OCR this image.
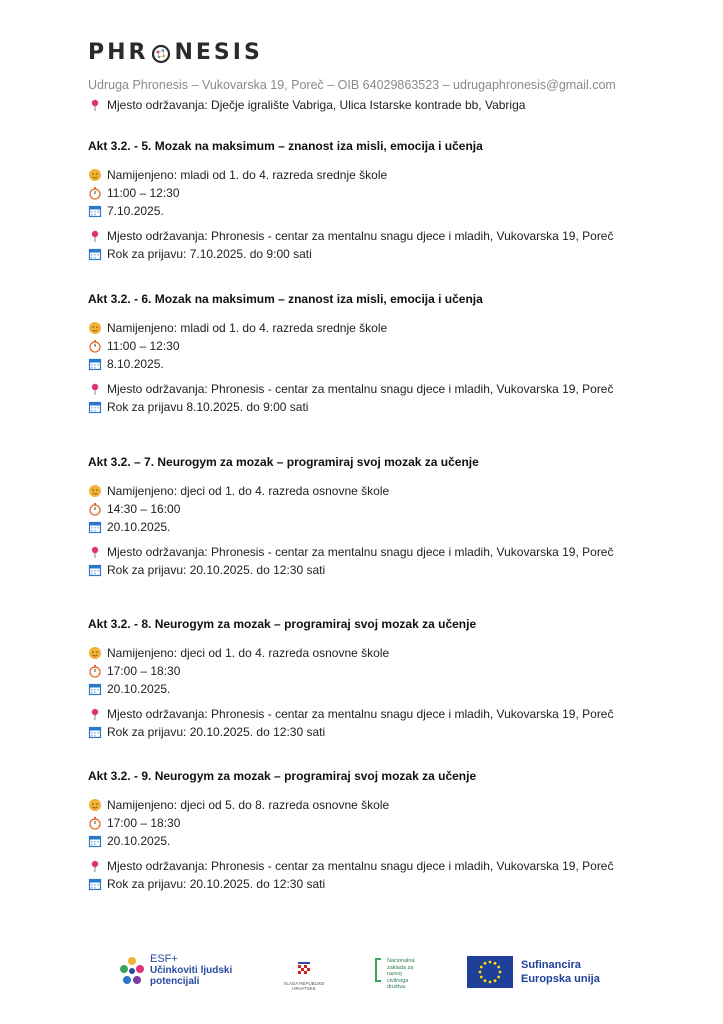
PHR NESIS
Udruga Phronesis – Vukovarska 19, Poreč – OIB 64029863523 – udrugaphronesis@gmail.com
Mjesto održavanja: Dječje igralište Vabriga, Ulica Istarske kontrade bb, Vabriga
Akt 3.2. - 5. Mozak na maksimum – znanost iza misli, emocija i učenja
Namijenjeno: mladi od 1. do 4. razreda srednje škole
11:00 – 12:30
7.10.2025.
Mjesto održavanja: Phronesis - centar za mentalnu snagu djece i mladih, Vukovarska 19, Poreč
Rok za prijavu: 7.10.2025. do 9:00 sati
Akt 3.2. - 6. Mozak na maksimum – znanost iza misli, emocija i učenja
Namijenjeno: mladi od 1. do 4. razreda srednje škole
11:00 – 12:30
8.10.2025.
Mjesto održavanja: Phronesis - centar za mentalnu snagu djece i mladih, Vukovarska 19, Poreč
Rok za prijavu 8.10.2025. do 9:00 sati
Akt 3.2. – 7. Neurogym za mozak – programiraj svoj mozak za učenje
Namijenjeno: djeci od 1. do 4. razreda osnovne škole
14:30 – 16:00
20.10.2025.
Mjesto održavanja: Phronesis - centar za mentalnu snagu djece i mladih, Vukovarska 19, Poreč
Rok za prijavu: 20.10.2025. do 12:30 sati
Akt 3.2. - 8. Neurogym za mozak – programiraj svoj mozak za učenje
Namijenjeno: djeci od 1. do 4. razreda osnovne škole
17:00 – 18:30
20.10.2025.
Mjesto održavanja: Phronesis - centar za mentalnu snagu djece i mladih, Vukovarska 19, Poreč
Rok za prijavu: 20.10.2025. do 12:30 sati
Akt 3.2. - 9. Neurogym za mozak – programiraj svoj mozak za učenje
Namijenjeno: djeci od 5. do 8. razreda osnovne škole
17:00 – 18:30
20.10.2025.
Mjesto održavanja: Phronesis - centar za mentalnu snagu djece i mladih, Vukovarska 19, Poreč
Rok za prijavu: 20.10.2025. do 12:30 sati
ESF+
Učinkoviti ljudski
potencijali	VLADA REPUBLIKE HRVATSKE
Nacionalna zaklada za razvoj civilnoga društva
Sufinancira
Europska unija
